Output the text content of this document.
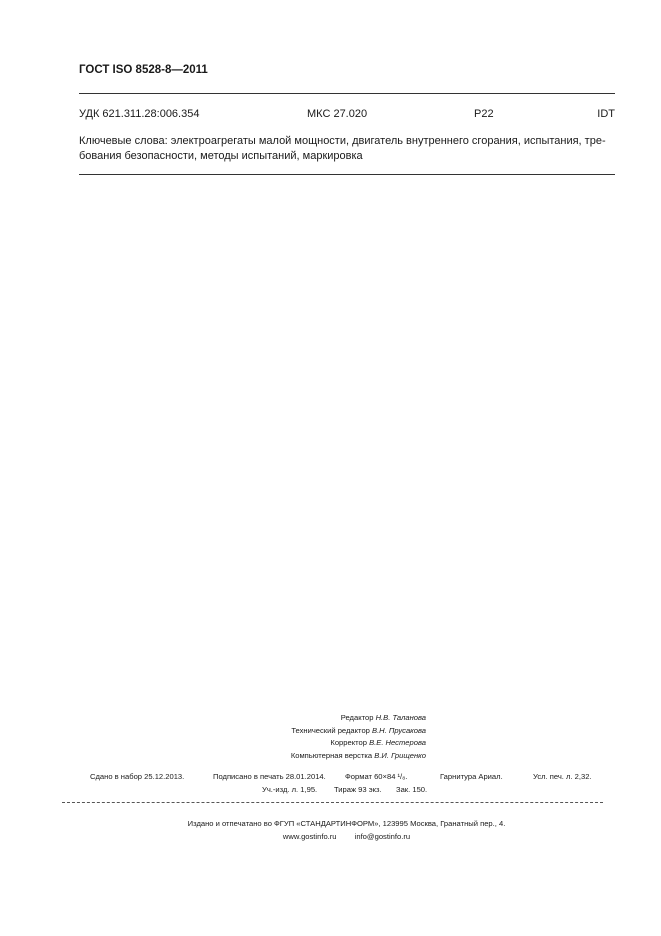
ГОСТ ISO 8528-8—2011
УДК 621.311.28:006.354	МКС 27.020	Р22	IDT
Ключевые слова: электроагрегаты малой мощности, двигатель внутреннего сгорания, испытания, тре-
бования безопасности, методы испытаний, маркировка
Редактор Н.В. Таланова
Технический редактор В.Н. Прусакова
Корректор В.Е. Нестерова
Компьютерная верстка В.И. Грищенко
Сдано в набор 25.12.2013.	Подписано в печать 28.01.2014.	Формат 60×84 ¹/₈.	Гарнитура Ариал.	Усл. печ. л. 2,32.
Уч.-изд. л. 1,95. Тираж 93 экз. Зак. 150.
Издано и отпечатано во ФГУП «СТАНДАРТИНФОРМ», 123995 Москва, Гранатный пер., 4.
www.gostinfo.ru info@gostinfo.ru
